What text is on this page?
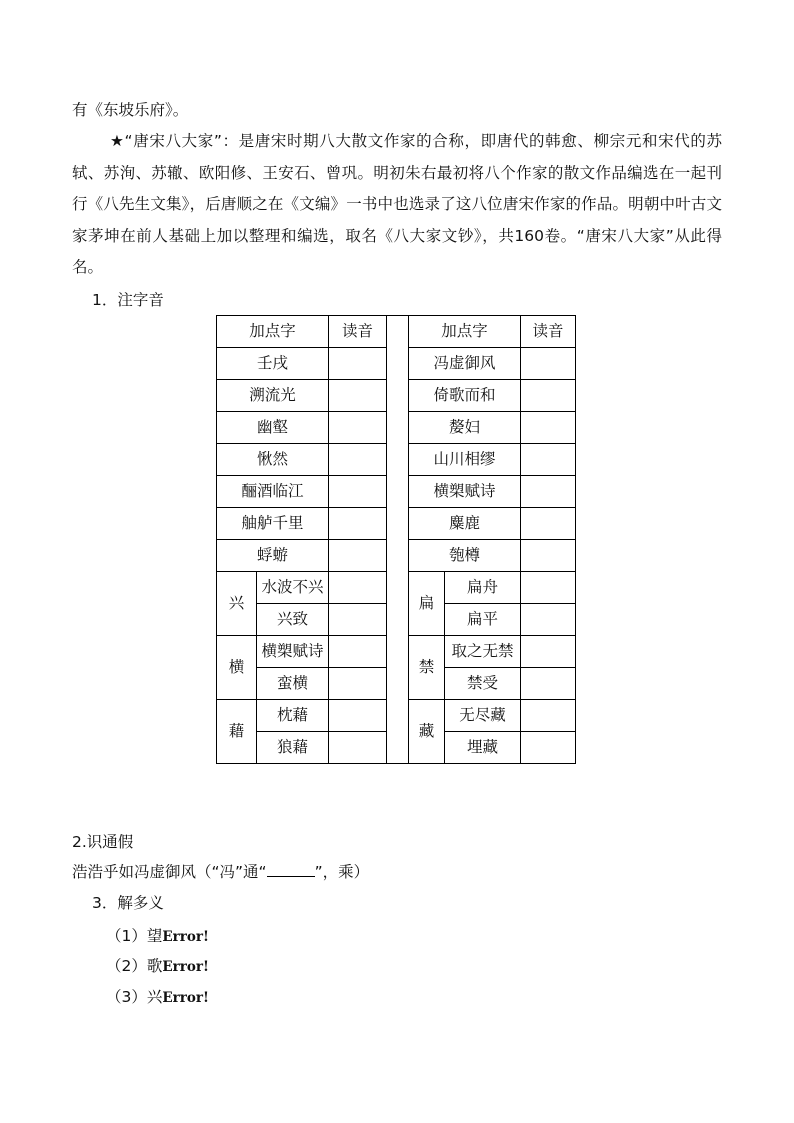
有《东坡乐府》。
★“唐宋八大家”：是唐宋时期八大散文作家的合称，即唐代的韩愈、柳宗元和宋代的苏轼、苏洵、苏辙、欧阳修、王安石、曾巩。明初朱右最初将八个作家的散文作品编选在一起刊行《八先生文集》，后唐顺之在《文编》一书中也选录了这八位唐宋作家的作品。明朝中叶古文家茅坤在前人基础上加以整理和编选，取名《八大家文钞》，共160卷。“唐宋八大家”从此得名。
1．注字音
加点字		读音		加点字		读音
壬戌				冯虚御风		
溯流光				倚歌而和		
幽壑				嫠妇		
愀然				山川相缪		
酾酒临江				横槊赋诗		
舳舻千里				麋鹿		
蜉蝣				匏樽		
兴	水波不兴			扁	扁舟	
	兴致				扁平	
横	横槊赋诗			禁	取之无禁	
	蛮横				禁受	
藉	枕藉			藏	无尽藏	
	狼藉				埋藏	
2.识通假
浩浩乎如冯虚御风（“冯”通“	”，乘）
3．解多义
（1）望Error!
（2）歌Error!
（3）兴Error!
